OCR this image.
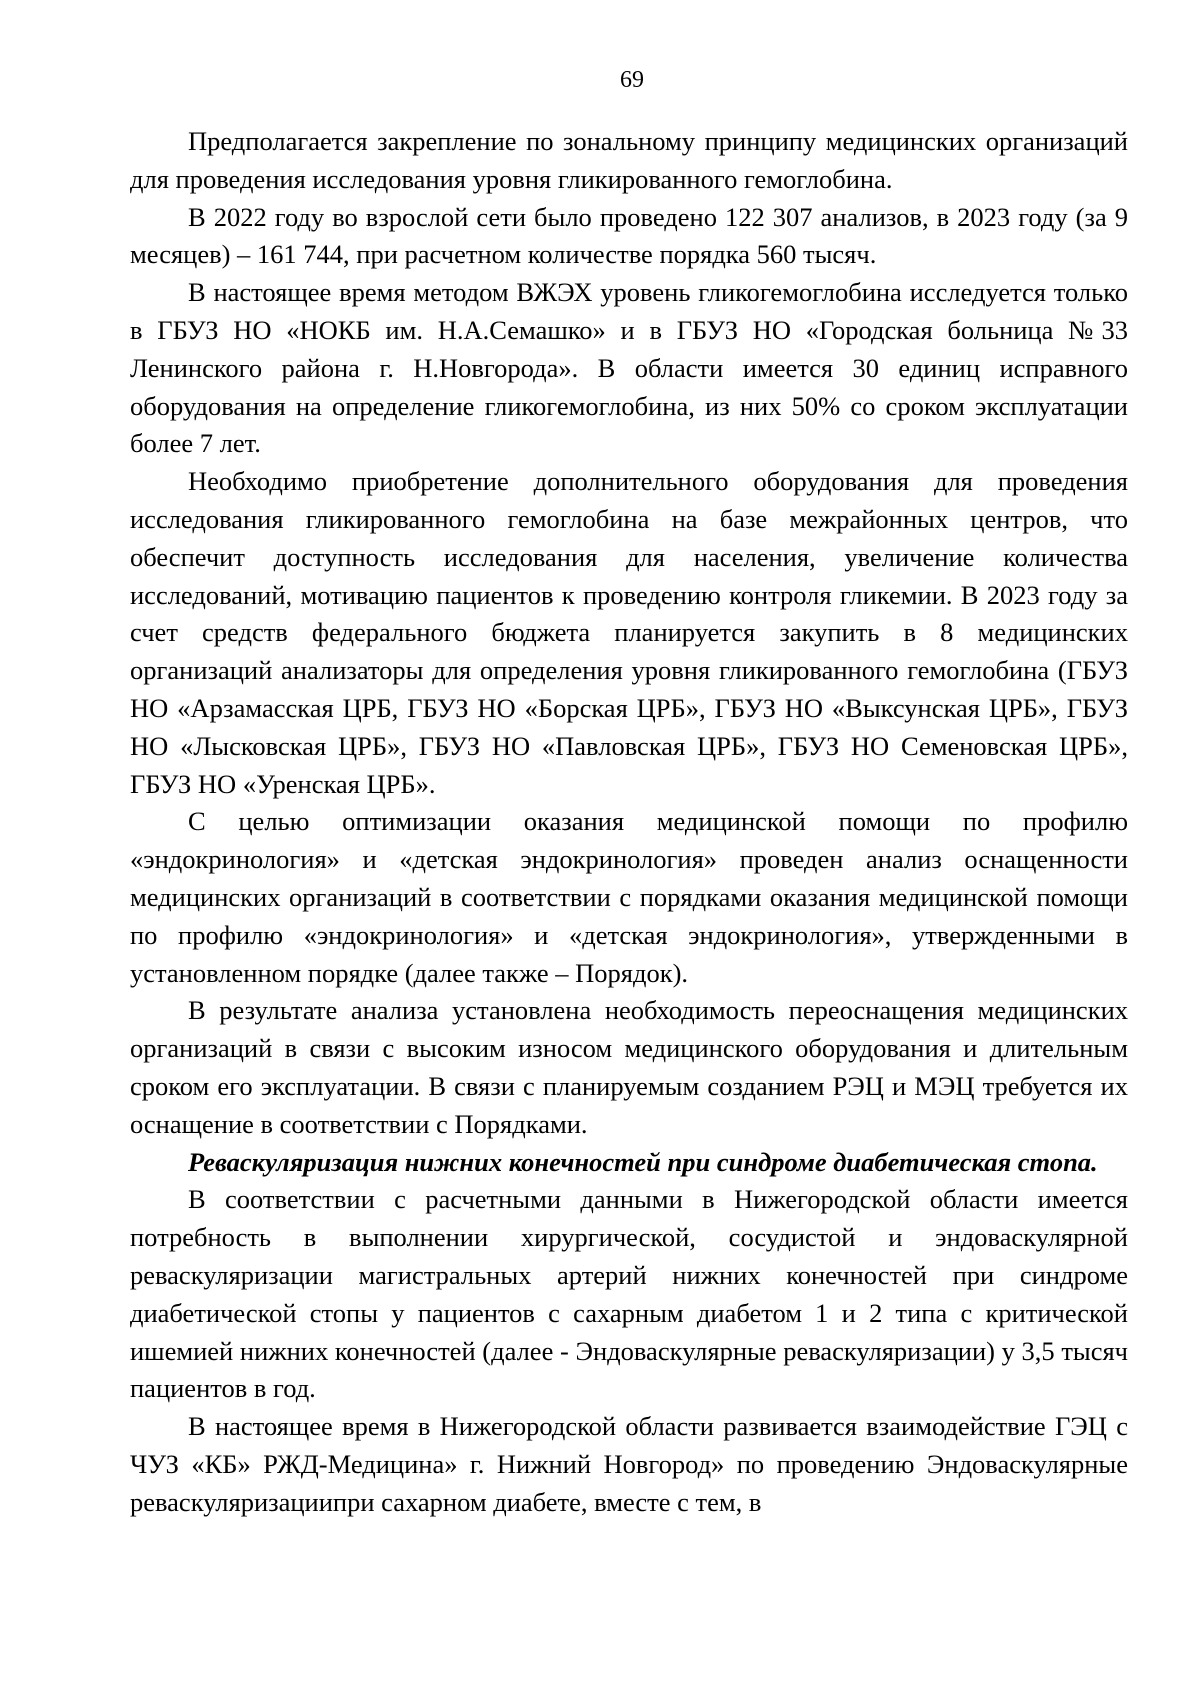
69

Предполагается закрепление по зональному принципу медицинских организаций для проведения исследования уровня гликированного гемоглобина.

В 2022 году во взрослой сети было проведено 122 307 анализов, в 2023 году (за 9 месяцев) – 161 744, при расчетном количестве порядка 560 тысяч.

В настоящее время методом ВЖЭХ уровень гликогемоглобина исследуется только в ГБУЗ НО «НОКБ им. Н.А.Семашко» и в ГБУЗ НО «Городская больница №33 Ленинского района г. Н.Новгорода». В области имеется 30 единиц исправного оборудования на определение гликогемоглобина, из них 50% со сроком эксплуатации более 7 лет.

Необходимо приобретение дополнительного оборудования для проведения исследования гликированного гемоглобина на базе межрайонных центров, что обеспечит доступность исследования для населения, увеличение количества исследований, мотивацию пациентов к проведению контроля гликемии. В 2023 году за счет средств федерального бюджета планируется закупить в 8 медицинских организаций анализаторы для определения уровня гликированного гемоглобина (ГБУЗ НО «Арзамасская ЦРБ, ГБУЗ НО «Борская ЦРБ», ГБУЗ НО «Выксунская ЦРБ», ГБУЗ НО «Лысковская ЦРБ», ГБУЗ НО «Павловская ЦРБ», ГБУЗ НО Семеновская ЦРБ», ГБУЗ НО «Уренская ЦРБ».

С целью оптимизации оказания медицинской помощи по профилю «эндокринология» и «детская эндокринология» проведен анализ оснащенности медицинских организаций в соответствии с порядками оказания медицинской помощи по профилю «эндокринология» и «детская эндокринология», утвержденными в установленном порядке (далее также – Порядок).

В результате анализа установлена необходимость переоснащения медицинских организаций в связи с высоким износом медицинского оборудования и длительным сроком его эксплуатации. В связи с планируемым созданием РЭЦ и МЭЦ требуется их оснащение в соответствии с Порядками.

Реваскуляризация нижних конечностей при синдроме диабетическая стопа.

В соответствии с расчетными данными в Нижегородской области имеется потребность в выполнении хирургической, сосудистой и эндоваскулярной реваскуляризации магистральных артерий нижних конечностей при синдроме диабетической стопы у пациентов с сахарным диабетом 1 и 2 типа с критической ишемией нижних конечностей (далее - Эндоваскулярные реваскуляризации) у 3,5 тысяч пациентов в год.

В настоящее время в Нижегородской области развивается взаимодействие ГЭЦ с ЧУЗ «КБ» РЖД-Медицина» г. Нижний Новгород» по проведению Эндоваскулярные реваскуляризациипри сахарном диабете, вместе с тем, в
